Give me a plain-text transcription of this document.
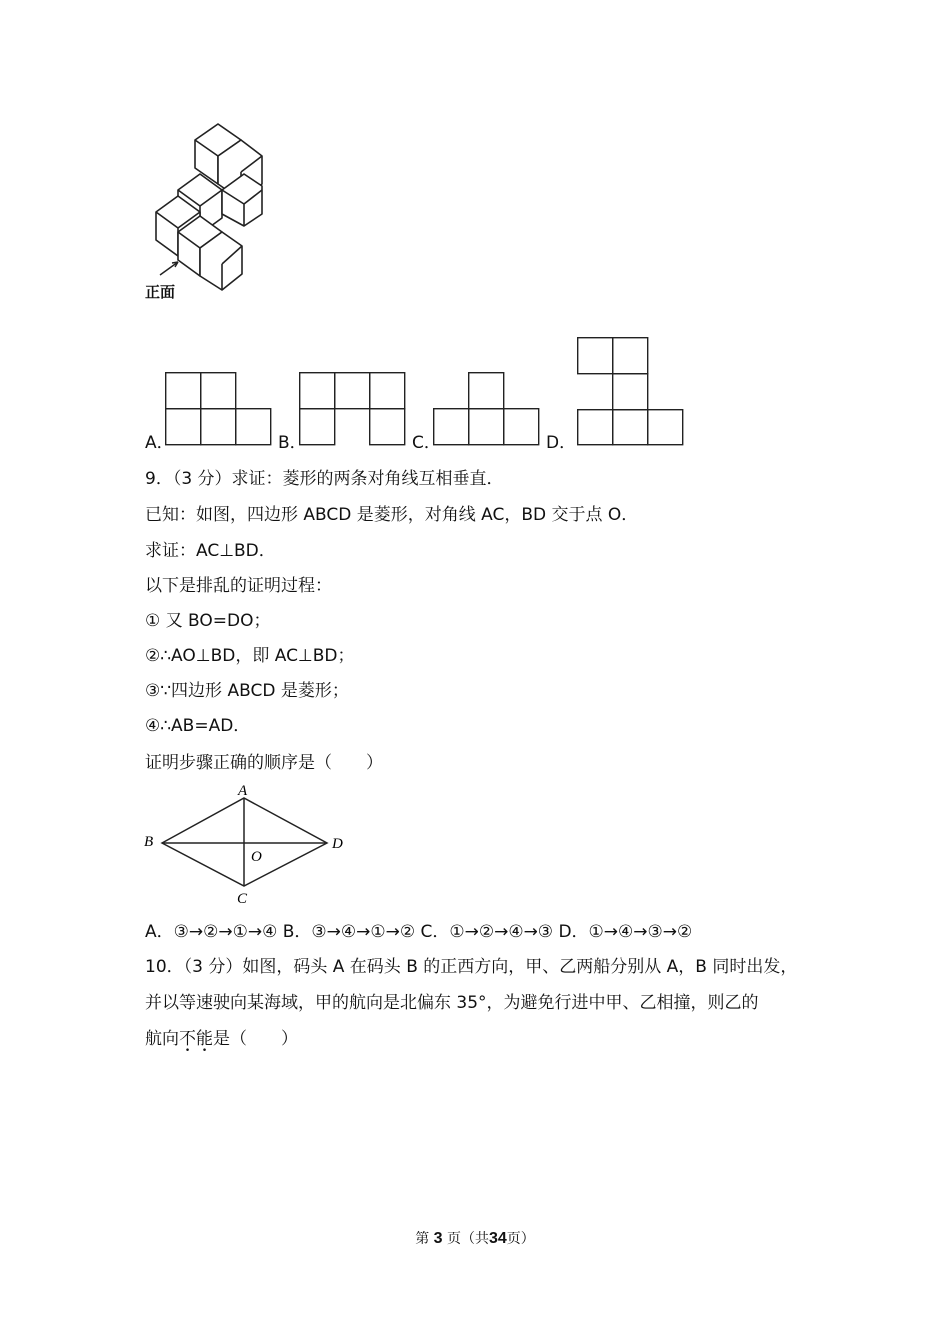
正面
A．	B．	C．	D．
9．（3 分）求证：菱形的两条对角线互相垂直．
已知：如图，四边形 ABCD 是菱形，对角线 AC，BD 交于点 O．
求证：AC⊥BD．
以下是排乱的证明过程：
① 又 BO=DO；
②∴AO⊥BD，即 AC⊥BD；
③∵四边形 ABCD 是菱形；
④∴AB=AD．
证明步骤正确的顺序是（　　）
A
B	D
O
C
A．③→②→①→④ B．③→④→①→② C．①→②→④→③ D．①→④→③→②
10．（3 分）如图，码头 A 在码头 B 的正西方向，甲、乙两船分别从 A，B 同时出发，
并以等速驶向某海域，甲的航向是北偏东 35°，为避免行进中甲、乙相撞，则乙的
航向不能是（　　）
第 3 页（共34页）
